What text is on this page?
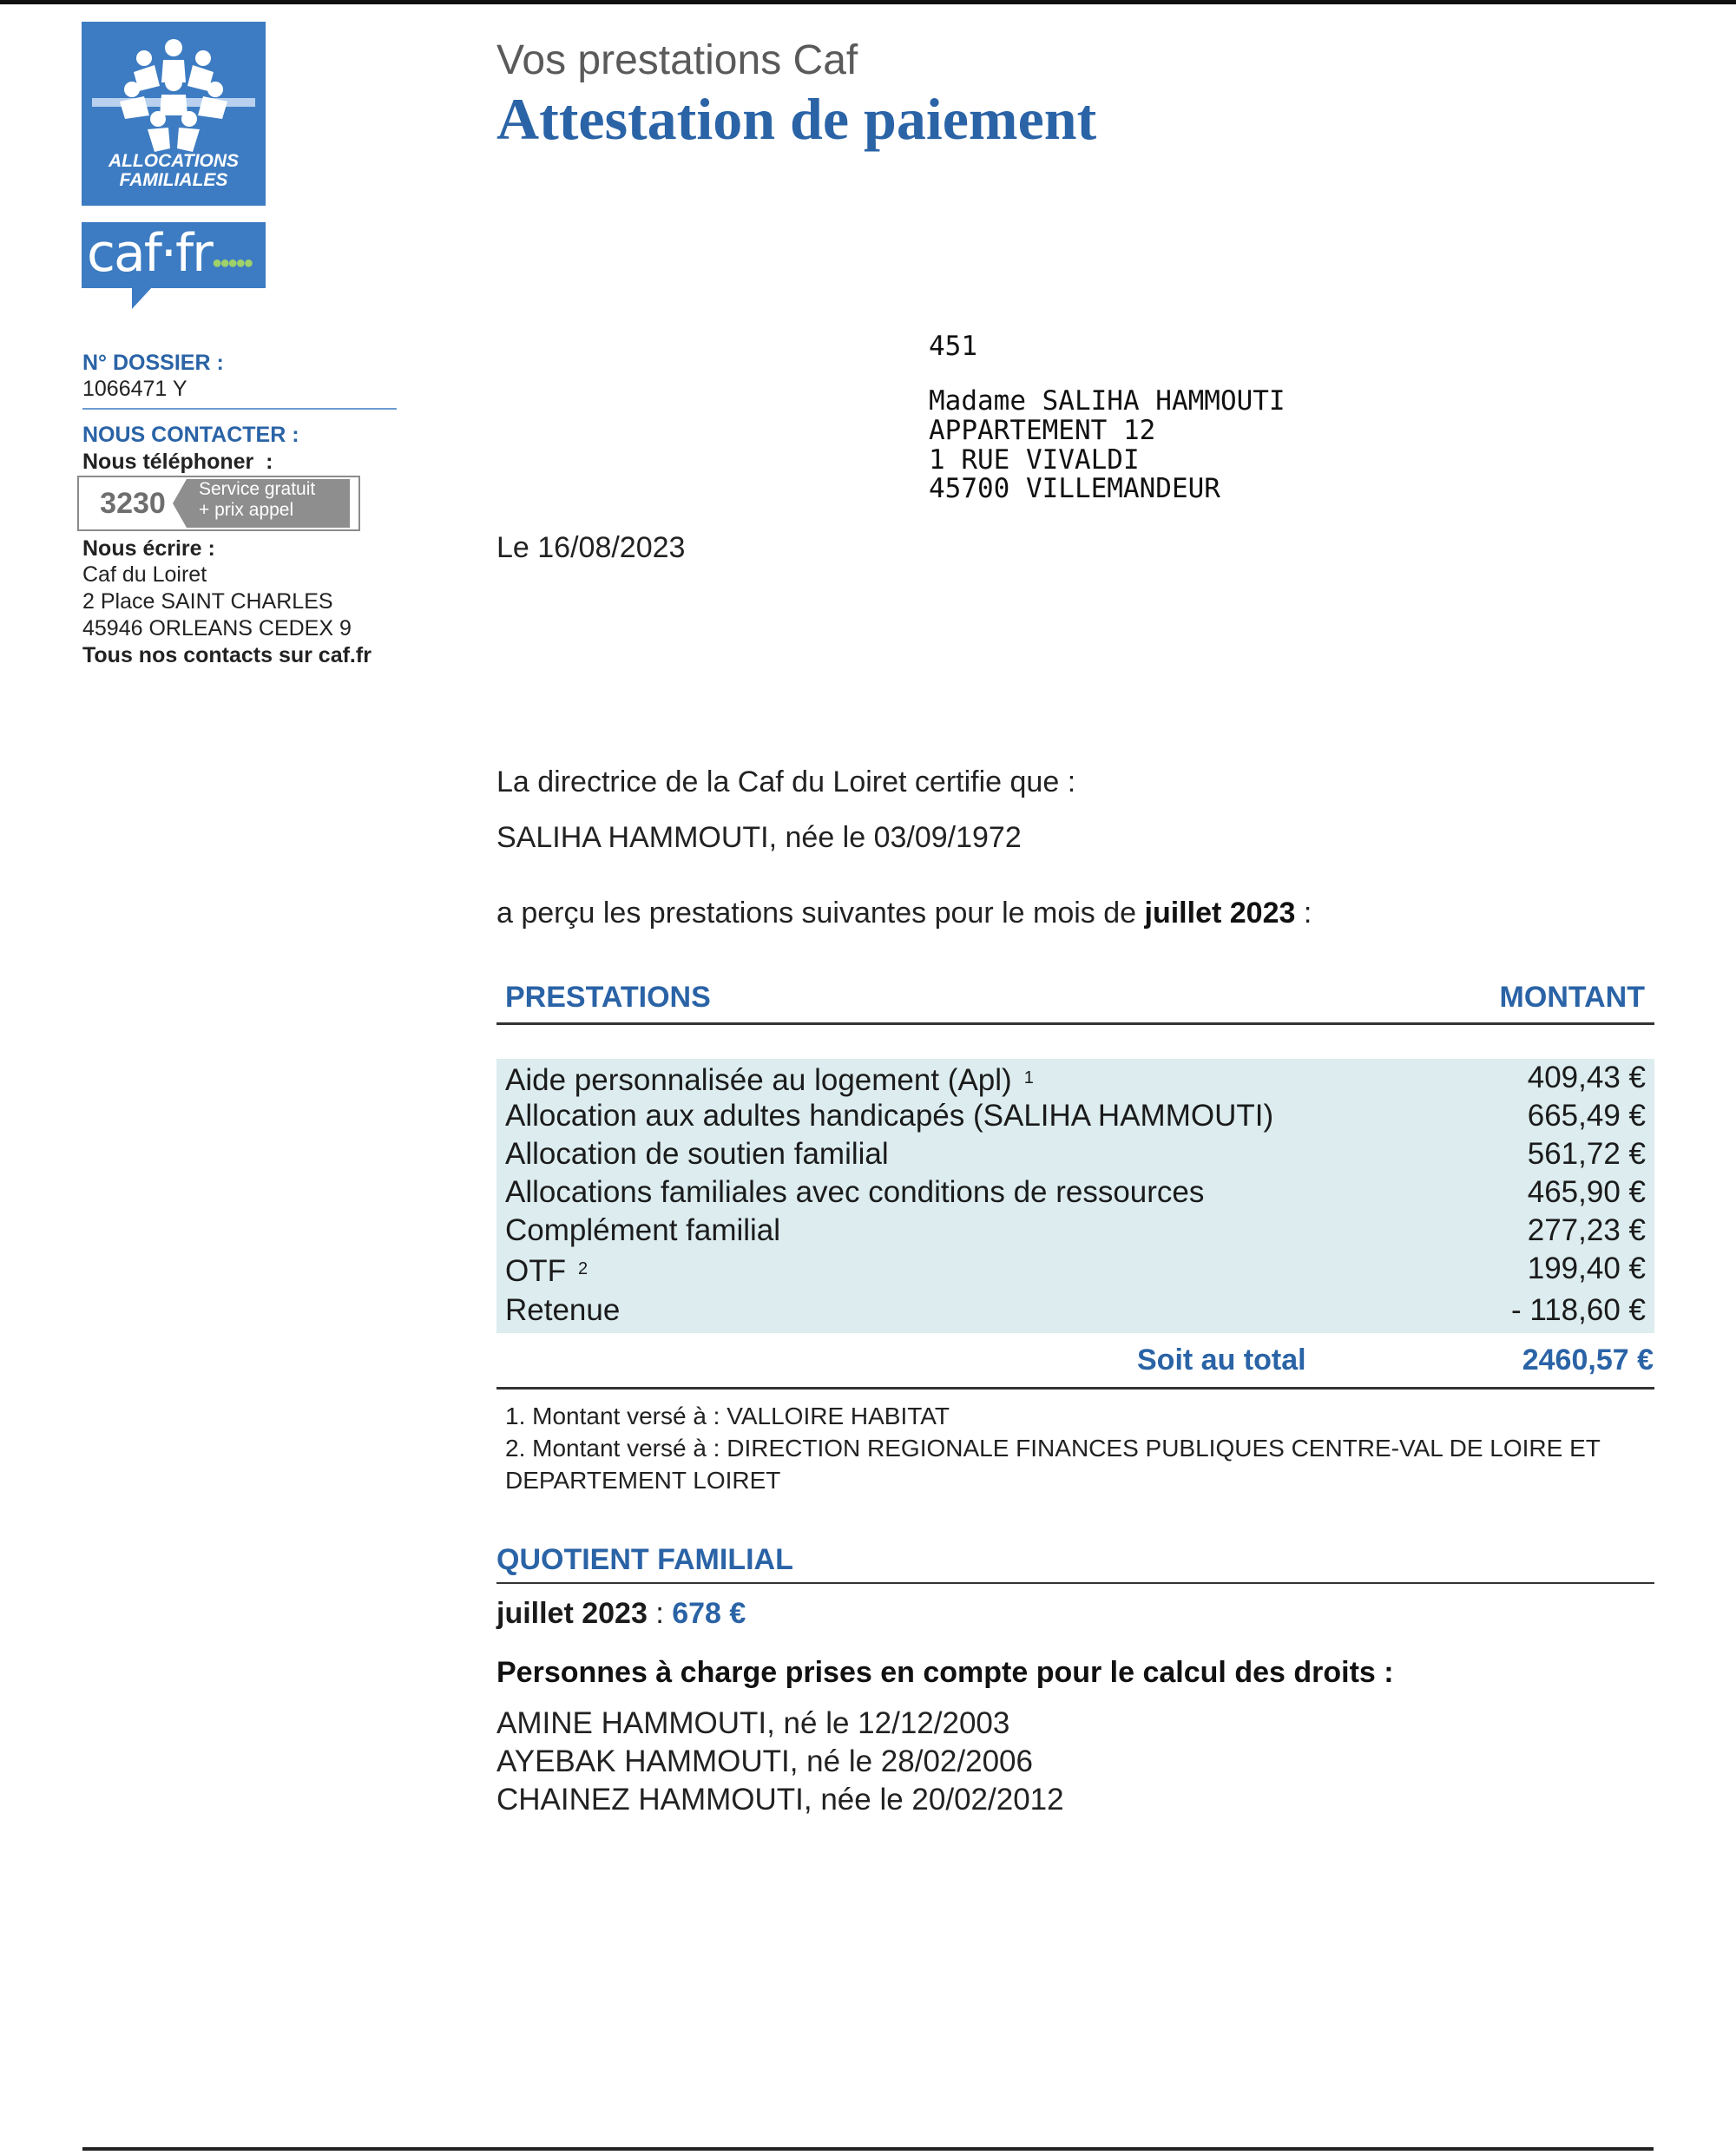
ALLOCATIONS
FAMILIALES
caf·fr ●●●●●
N° DOSSIER :
1066471 Y
NOUS CONTACTER :
Nous téléphoner :
3230	Service gratuit
+ prix appel
Nous écrire :
Caf du Loiret
2 Place SAINT CHARLES
45946 ORLEANS CEDEX 9
Tous nos contacts sur caf.fr
Vos prestations Caf
Attestation de paiement
451
Madame SALIHA HAMMOUTI
APPARTEMENT 12
1 RUE VIVALDI
45700 VILLEMANDEUR
Le 16/08/2023
La directrice de la Caf du Loiret certifie que :
SALIHA HAMMOUTI, née le 03/09/1972
a perçu les prestations suivantes pour le mois de juillet 2023 :
PRESTATIONS	MONTANT
Aide personnalisée au logement (Apl) $^1$	409,43 €
Allocation aux adultes handicapés (SALIHA HAMMOUTI)	665,49 €
Allocation de soutien familial	561,72 €
Allocations familiales avec conditions de ressources	465,90 €
Complément familial	277,23 €
OTF $^2$	199,40 €
Retenue	- 118,60 €
Soit au total	2460,57 €
1. Montant versé à : VALLOIRE HABITAT
2. Montant versé à : DIRECTION REGIONALE FINANCES PUBLIQUES CENTRE-VAL DE LOIRE ET
DEPARTEMENT LOIRET
QUOTIENT FAMILIAL
juillet 2023 : 678 €
Personnes à charge prises en compte pour le calcul des droits :
AMINE HAMMOUTI, né le 12/12/2003
AYEBAK HAMMOUTI, né le 28/02/2006
CHAINEZ HAMMOUTI, née le 20/02/2012
